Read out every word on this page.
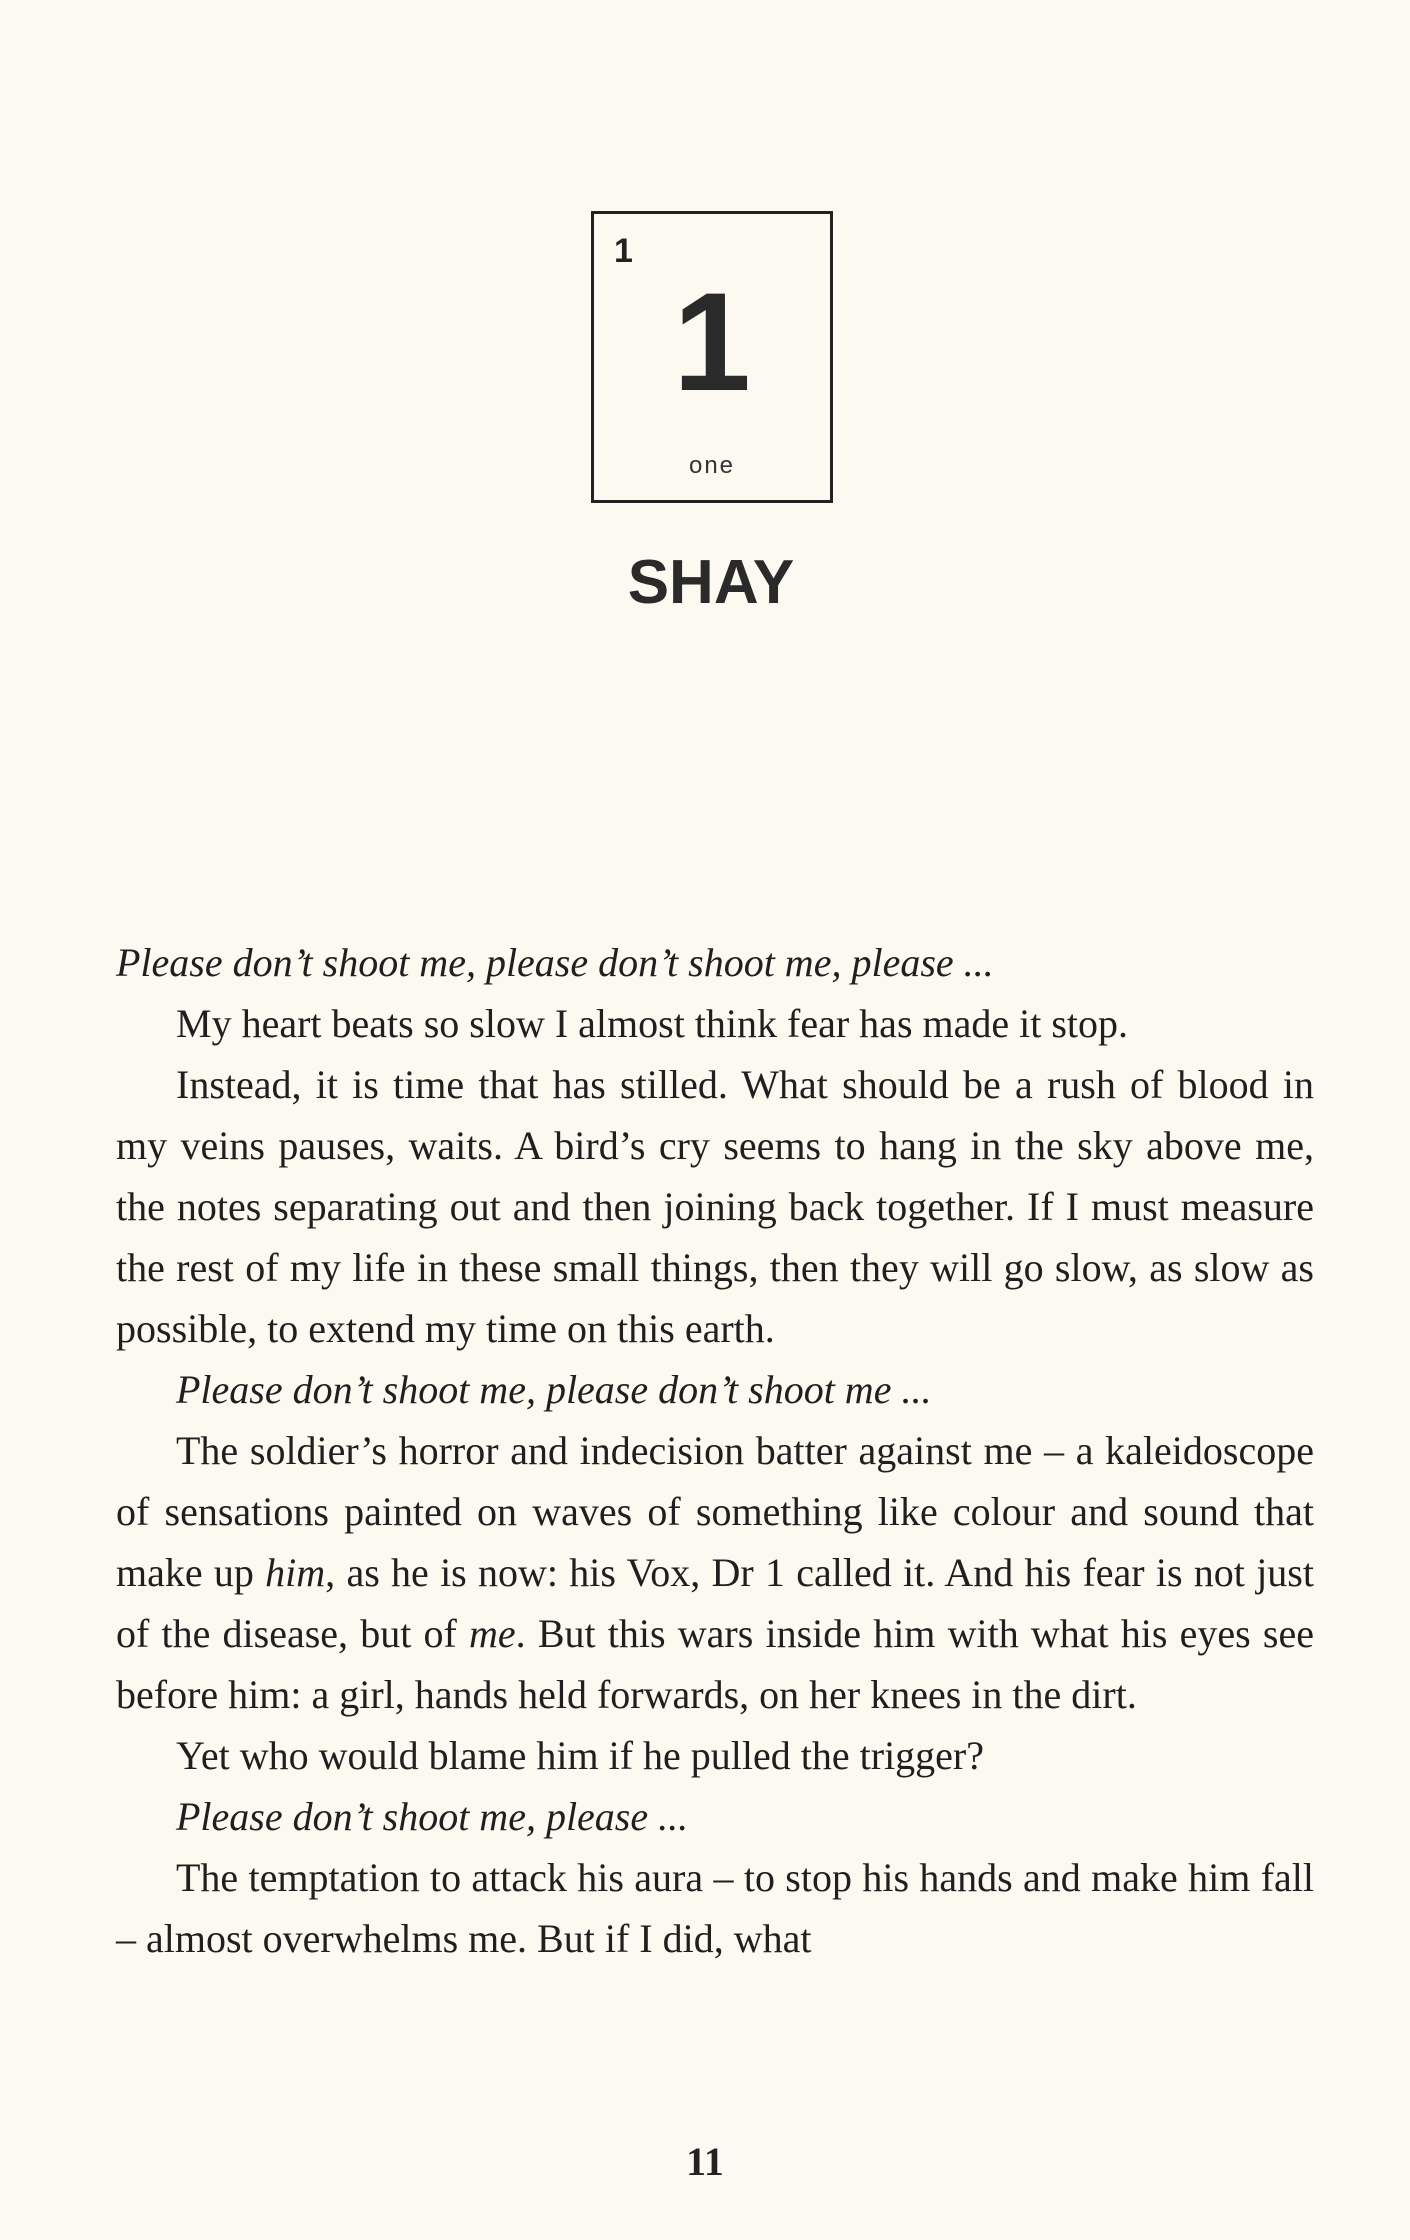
1
1
one
SHAY

Please don’t shoot me, please don’t shoot me, please ...

My heart beats so slow I almost think fear has made it stop.

Instead, it is time that has stilled. What should be a rush of blood in my veins pauses, waits. A bird’s cry seems to hang in the sky above me, the notes separating out and then joining back together. If I must measure the rest of my life in these small things, then they will go slow, as slow as possible, to extend my time on this earth.

Please don’t shoot me, please don’t shoot me ...

The soldier’s horror and indecision batter against me – a kaleidoscope of sensations painted on waves of something like colour and sound that make up him, as he is now: his Vox, Dr 1 called it. And his fear is not just of the disease, but of me. But this wars inside him with what his eyes see before him: a girl, hands held forwards, on her knees in the dirt.

Yet who would blame him if he pulled the trigger?

Please don’t shoot me, please ...

The temptation to attack his aura – to stop his hands and make him fall – almost overwhelms me. But if I did, what

11
